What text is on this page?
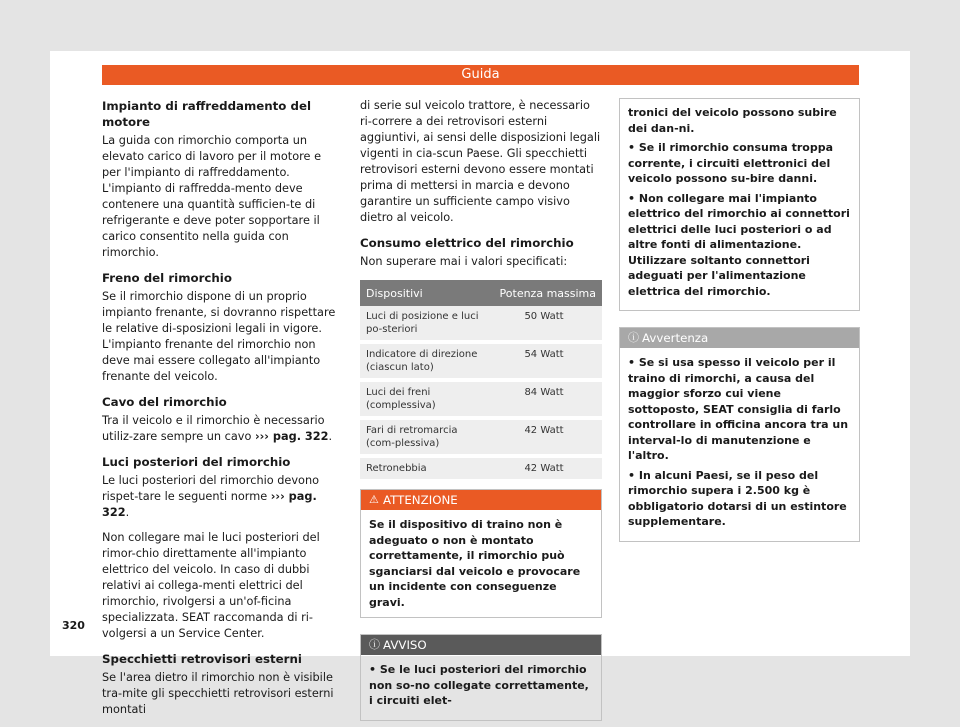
Guida
Impianto di raffreddamento del motore

La guida con rimorchio comporta un elevato carico di lavoro per il motore e per l'impianto di raffreddamento. L'impianto di raffredda-mento deve contenere una quantità sufficien-te di refrigerante e deve poter sopportare il carico consentito nella guida con rimorchio.

Freno del rimorchio

Se il rimorchio dispone di un proprio impianto frenante, si dovranno rispettare le relative di-sposizioni legali in vigore. L'impianto frenante del rimorchio non deve mai essere collegato all'impianto frenante del veicolo.

Cavo del rimorchio

Tra il veicolo e il rimorchio è necessario utiliz-zare sempre un cavo ››› pag. 322.

Luci posteriori del rimorchio

Le luci posteriori del rimorchio devono rispet-tare le seguenti norme ››› pag. 322.

Non collegare mai le luci posteriori del rimor-chio direttamente all'impianto elettrico del veicolo. In caso di dubbi relativi ai collega-menti elettrici del rimorchio, rivolgersi a un'of-ficina specializzata. SEAT raccomanda di ri-volgersi a un Service Center.

Specchietti retrovisori esterni

Se l'area dietro il rimorchio non è visibile tra-mite gli specchietti retrovisori esterni montati

di serie sul veicolo trattore, è necessario ri-correre a dei retrovisori esterni aggiuntivi, ai sensi delle disposizioni legali vigenti in cia-scun Paese. Gli specchietti retrovisori esterni devono essere montati prima di mettersi in marcia e devono garantire un sufficiente campo visivo dietro al veicolo.

Consumo elettrico del rimorchio

Non superare mai i valori specificati:

Dispositivi	Potenza massima
Luci di posizione e luci po-steriori	50 Watt
Indicatore di direzione (ciascun lato)	54 Watt
Luci dei freni (complessiva)	84 Watt
Fari di retromarcia (com-plessiva)	42 Watt
Retronebbia	42 Watt
⚠ ATTENZIONE
Se il dispositivo di traino non è adeguato o non è montato correttamente, il rimorchio può sganciarsi dal veicolo e provocare un incidente con conseguenze gravi.
ⓘ AVVISO
• Se le luci posteriori del rimorchio non so-no collegate correttamente, i circuiti elet-
tronici del veicolo possono subire dei dan-ni.
• Se il rimorchio consuma troppa corrente, i circuiti elettronici del veicolo possono su-bire danni.
• Non collegare mai l'impianto elettrico del rimorchio ai connettori elettrici delle luci posteriori o ad altre fonti di alimentazione. Utilizzare soltanto connettori adeguati per l'alimentazione elettrica del rimorchio.
ⓘ Avvertenza
• Se si usa spesso il veicolo per il traino di rimorchi, a causa del maggior sforzo cui viene sottoposto, SEAT consiglia di farlo controllare in officina ancora tra un interval-lo di manutenzione e l'altro.
• In alcuni Paesi, se il peso del rimorchio supera i 2.500 kg è obbligatorio dotarsi di un estintore supplementare.
320
